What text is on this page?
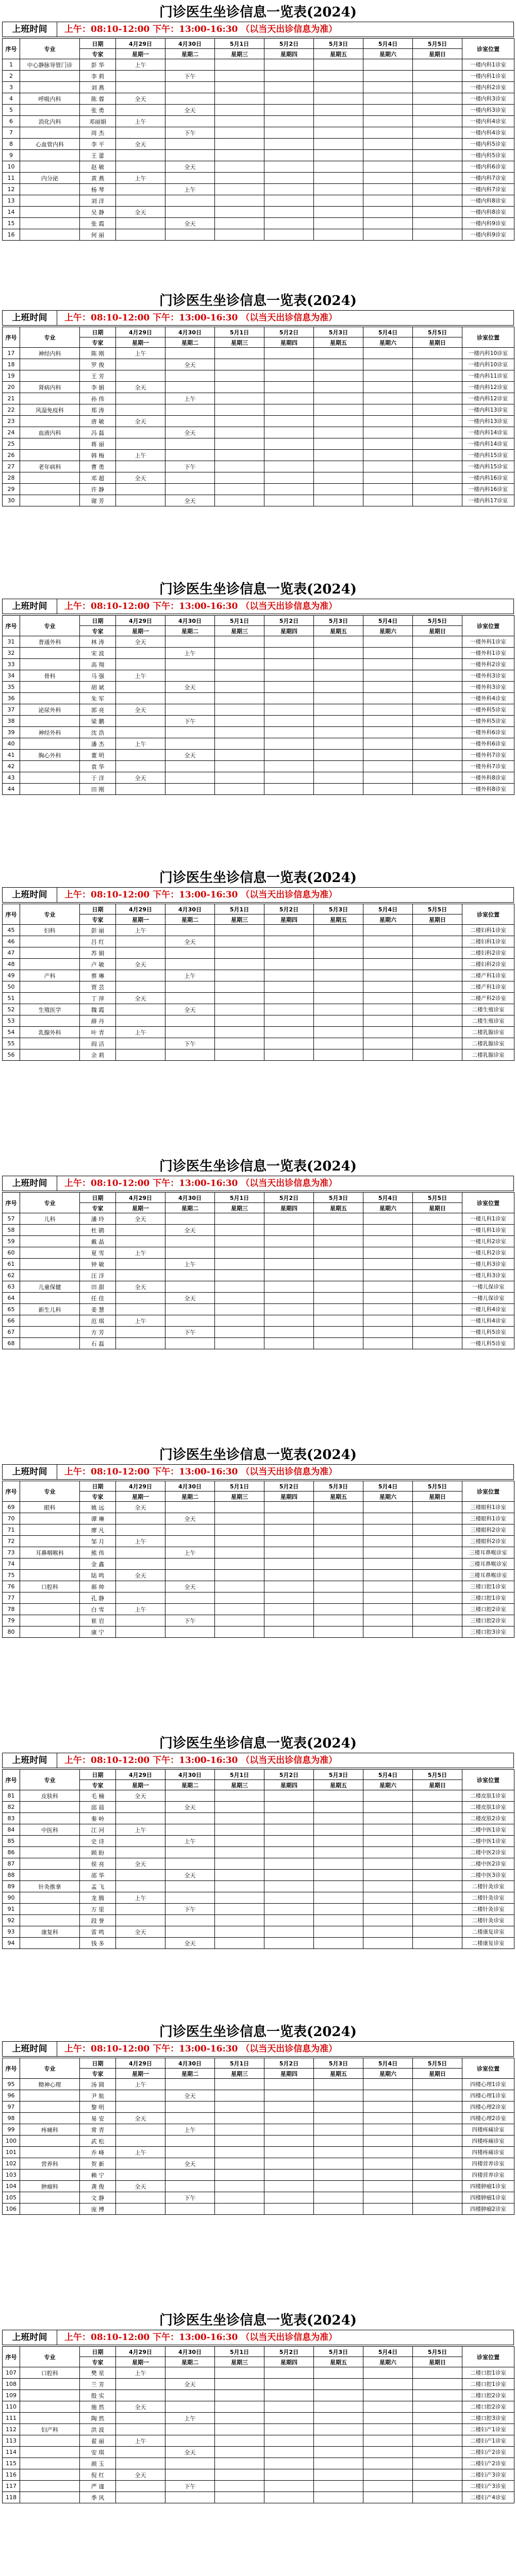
门诊医生坐诊信息一览表(2024)
上班时间 上午：08:10-12:00 下午：13:00-16:30 （以当天出诊信息为准）
序号	专业	日期	4月29日	4月30日	5月1日	5月2日	5月3日	5月4日	5月5日	诊室位置
		专家	星期一	星期二	星期三	星期四	星期五	星期六	星期日	
1	中心静脉导管门诊	彭 华	上午							一楼内科1诊室
2		李 莉		下午						一楼内科1诊室
3		刘 燕								一楼内科2诊室
4	呼吸内科	陈 蓉	全天							一楼内科3诊室
5		张 勇		全天						一楼内科3诊室
6	消化内科	邓丽娟	上午							一楼内科4诊室
7		周 杰		下午						一楼内科4诊室
8	心血管内科	李 平	全天							一楼内科5诊室
9		王 蕾								一楼内科5诊室
10		赵 敏		全天						一楼内科6诊室
11	内分泌	黄 燕	上午							一楼内科7诊室
12		杨 琴		上午						一楼内科7诊室
13		刘 洋								一楼内科8诊室
14		吴 静	全天							一楼内科8诊室
15		张 霞		全天						一楼内科9诊室
16		何 丽								一楼内科9诊室
门诊医生坐诊信息一览表(2024)
上班时间 上午：08:10-12:00 下午：13:00-16:30 （以当天出诊信息为准）
序号	专业	日期	4月29日	4月30日	5月1日	5月2日	5月3日	5月4日	5月5日	诊室位置
		专家	星期一	星期二	星期三	星期四	星期五	星期六	星期日	
17	神经内科	陈 刚	上午							一楼内科10诊室
18		罗 俊		全天						一楼内科10诊室
19		王 芳								一楼内科11诊室
20	肾病内科	李 娟	全天							一楼内科12诊室
21		孙 伟		上午						一楼内科12诊室
22	风湿免疫科	郑 涛								一楼内科13诊室
23		唐 敏	全天							一楼内科13诊室
24	血液内科	冯 磊		全天						一楼内科14诊室
25		蒋 丽								一楼内科14诊室
26		韩 梅	上午							一楼内科15诊室
27	老年病科	曹 勇		下午						一楼内科15诊室
28		邓 超	全天							一楼内科16诊室
29		许 静								一楼内科16诊室
30		谢 芳		全天						一楼内科17诊室
门诊医生坐诊信息一览表(2024)
上班时间 上午：08:10-12:00 下午：13:00-16:30 （以当天出诊信息为准）
序号	专业	日期	4月29日	4月30日	5月1日	5月2日	5月3日	5月4日	5月5日	诊室位置
		专家	星期一	星期二	星期三	星期四	星期五	星期六	星期日	
31	普通外科	林 涛	全天							一楼外科1诊室
32		宋 波		上午						一楼外科1诊室
33		高 翔								一楼外科2诊室
34	骨科	马 强	上午							一楼外科3诊室
35		胡 斌		全天						一楼外科3诊室
36		朱 军								一楼外科4诊室
37	泌尿外科	郭 亮	全天							一楼外科5诊室
38		梁 鹏		下午						一楼外科5诊室
39	神经外科	沈 浩								一楼外科6诊室
40		潘 杰	上午							一楼外科6诊室
41	胸心外科	董 明		全天						一楼外科7诊室
42		袁 华								一楼外科7诊室
43		于 洋	全天							一楼外科8诊室
44		田 刚								一楼外科8诊室
门诊医生坐诊信息一览表(2024)
上班时间 上午：08:10-12:00 下午：13:00-16:30 （以当天出诊信息为准）
序号	专业	日期	4月29日	4月30日	5月1日	5月2日	5月3日	5月4日	5月5日	诊室位置
		专家	星期一	星期二	星期三	星期四	星期五	星期六	星期日	
45	妇科	彭 丽	上午							二楼妇科1诊室
46		吕 红		全天						二楼妇科1诊室
47		苏 娟								二楼妇科2诊室
48		卢 敏	全天							二楼妇科2诊室
49	产科	蔡 琳		上午						二楼产科1诊室
50		贾 芸								二楼产科1诊室
51		丁 萍	全天							二楼产科2诊室
52	生殖医学	魏 霞		全天						二楼生殖诊室
53		薛 丹								二楼生殖诊室
54	乳腺外科	叶 青	上午							二楼乳腺诊室
55		阎 洁		下午						二楼乳腺诊室
56		余 莉								二楼乳腺诊室
门诊医生坐诊信息一览表(2024)
上班时间 上午：08:10-12:00 下午：13:00-16:30 （以当天出诊信息为准）
序号	专业	日期	4月29日	4月30日	5月1日	5月2日	5月3日	5月4日	5月5日	诊室位置
		专家	星期一	星期二	星期三	星期四	星期五	星期六	星期日	
57	儿科	潘 玲	全天							一楼儿科1诊室
58		杜 鹃		全天						一楼儿科1诊室
59		戴 晶								一楼儿科2诊室
60		夏 雪	上午							一楼儿科2诊室
61		钟 敏		上午						一楼儿科3诊室
62		汪 洋								一楼儿科3诊室
63	儿童保健	田 甜	全天							一楼儿保诊室
64		任 佳		全天						一楼儿保诊室
65	新生儿科	姜 慧								一楼儿科4诊室
66		范 琪	上午							一楼儿科4诊室
67		方 芳		下午						一楼儿科5诊室
68		石 磊								一楼儿科5诊室
门诊医生坐诊信息一览表(2024)
上班时间 上午：08:10-12:00 下午：13:00-16:30 （以当天出诊信息为准）
序号	专业	日期	4月29日	4月30日	5月1日	5月2日	5月3日	5月4日	5月5日	诊室位置
		专家	星期一	星期二	星期三	星期四	星期五	星期六	星期日	
69	眼科	姚 远	全天							三楼眼科1诊室
70		谭 琳		全天						三楼眼科1诊室
71		廖 凡								三楼眼科2诊室
72		邹 月	上午							三楼眼科2诊室
73	耳鼻咽喉科	熊 伟		上午						三楼耳鼻喉诊室
74		金 鑫								三楼耳鼻喉诊室
75		陆 鸣	全天							三楼耳鼻喉诊室
76	口腔科	郝 帅		全天						三楼口腔1诊室
77		孔 静								三楼口腔1诊室
78		白 雪	上午							三楼口腔2诊室
79		崔 岩		下午						三楼口腔2诊室
80		康 宁								三楼口腔3诊室
门诊医生坐诊信息一览表(2024)
上班时间 上午：08:10-12:00 下午：13:00-16:30 （以当天出诊信息为准）
序号	专业	日期	4月29日	4月30日	5月1日	5月2日	5月3日	5月4日	5月5日	诊室位置
		专家	星期一	星期二	星期三	星期四	星期五	星期六	星期日	
81	皮肤科	毛 楠	全天							二楼皮肤1诊室
82		邱 晨		全天						二楼皮肤1诊室
83		秦 岭								二楼皮肤2诊室
84	中医科	江 河	上午							二楼中医1诊室
85		史 诗		上午						二楼中医1诊室
86		顾 盼								二楼中医2诊室
87		侯 亮	全天							二楼中医2诊室
88		邵 华		全天						二楼中医3诊室
89	针灸推拿	孟 飞								二楼针灸诊室
90		龙 腾	上午							二楼针灸诊室
91		万 里		下午						二楼针灸诊室
92		段 誉								二楼针灸诊室
93	康复科	雷 鸣	全天							二楼康复诊室
94		钱 多		全天						二楼康复诊室
门诊医生坐诊信息一览表(2024)
上班时间 上午：08:10-12:00 下午：13:00-16:30 （以当天出诊信息为准）
序号	专业	日期	4月29日	4月30日	5月1日	5月2日	5月3日	5月4日	5月5日	诊室位置
		专家	星期一	星期二	星期三	星期四	星期五	星期六	星期日	
95	精神心理	汤 圆	上午							四楼心理1诊室
96		尹 航		全天						四楼心理1诊室
97		黎 明								四楼心理2诊室
98		易 安	全天							四楼心理2诊室
99	疼痛科	常 青		上午						四楼疼痛诊室
100		武 松								四楼疼痛诊室
101		乔 峰	上午							四楼疼痛诊室
102	营养科	贺 新		全天						四楼营养诊室
103		赖 宁								四楼营养诊室
104	肿瘤科	龚 俊	全天							四楼肿瘤1诊室
105		文 静		下午						四楼肿瘤1诊室
106		庞 博								四楼肿瘤2诊室
门诊医生坐诊信息一览表(2024)
上班时间 上午：08:10-12:00 下午：13:00-16:30 （以当天出诊信息为准）
序号	专业	日期	4月29日	4月30日	5月1日	5月2日	5月3日	5月4日	5月5日	诊室位置
		专家	星期一	星期二	星期三	星期四	星期五	星期六	星期日	
107	口腔科	樊 星	上午							二楼口腔1诊室
108		兰 芳		全天						二楼口腔1诊室
109		殷 实								二楼口腔2诊室
110		施 然	全天							二楼口腔2诊室
111		陶 然		上午						二楼口腔3诊室
112	妇产科	洪 波								二楼妇产1诊室
113		翟 丽	上午							二楼妇产1诊室
114		安 琪		全天						二楼妇产2诊室
115		颜 玉								二楼妇产2诊室
116		倪 红	全天							二楼妇产3诊室
117		严 谨		下午						二楼妇产3诊室
118		季 风								二楼妇产4诊室
